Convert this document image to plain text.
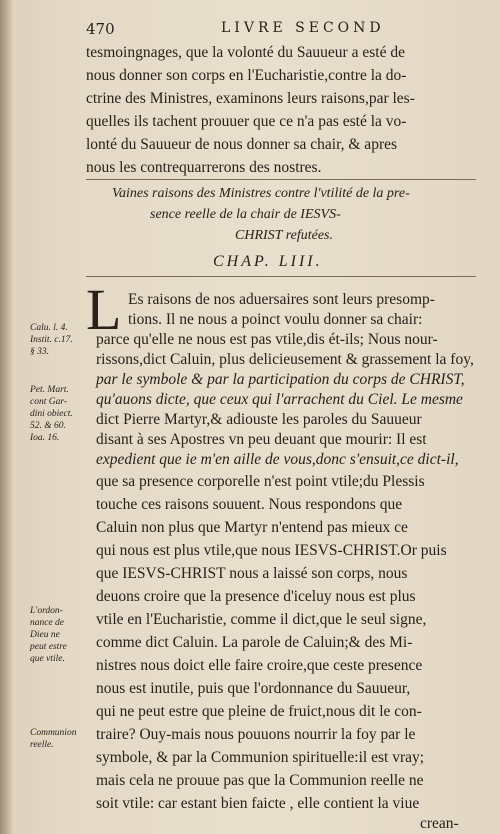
470	LIVRE SECOND
tesmoingnages, que la volonté du Sauueur a esté de
nous donner son corps en l'Eucharistie,contre la do-
ctrine des Ministres, examinons leurs raisons,par les-
quelles ils tachent prouuer que ce n'a pas esté la vo-
lonté du Sauueur de nous donner sa chair, & apres
nous les contrequarrerons des nostres.
Vaines raisons des Ministres contre l'vtilité de la pre-
sence reelle de la chair de IESVS-
CHRIST refutées.
CHAP. LIII.
L Es raisons de nos aduersaires sont leurs presomp-
tions. Il ne nous a poinct voulu donner sa chair:
parce qu'elle ne nous est pas vtile,dis ét-ils; Nous nour-
rissons,dict Caluin, plus delicieusement & grassement la foy,
par le symbole & par la participation du corps de CHRIST,
qu'auons dicte, que ceux qui l'arrachent du Ciel. Le mesme
dict Pierre Martyr,& adiouste les paroles du Sauueur
disant à ses Apostres vn peu deuant que mourir: Il est
expedient que ie m'en aille de vous,donc s'ensuit,ce dict-il,
que sa presence corporelle n'est point vtile;du Plessis
touche ces raisons souuent. Nous respondons que
Caluin non plus que Martyr n'entend pas mieux ce
qui nous est plus vtile,que nous IESVS-CHRIST.Or puis
que IESVS-CHRIST nous a laissé son corps, nous
deuons croire que la presence d'iceluy nous est plus
vtile en l'Eucharistie, comme il dict,que le seul signe,
comme dict Caluin. La parole de Caluin;& des Mi-
nistres nous doict elle faire croire,que ceste presence
nous est inutile, puis que l'ordonnance du Sauueur,
qui ne peut estre que pleine de fruict,nous dit le con-
traire? Ouy-mais nous pouuons nourrir la foy par le
symbole, & par la Communion spirituelle:il est vray;
mais cela ne prouue pas que la Communion reelle ne
soit vtile: car estant bien faicte , elle contient la viue
crean-
Calu. l. 4.
Instit. c.17.
§ 33.
Pet. Mart.
cont Gar-
dini obiect.
52. & 60.
Ioa. 16.
L'ordon-
nance de
Dieu ne
peut estre
que vtile.
Communion
reelle.
